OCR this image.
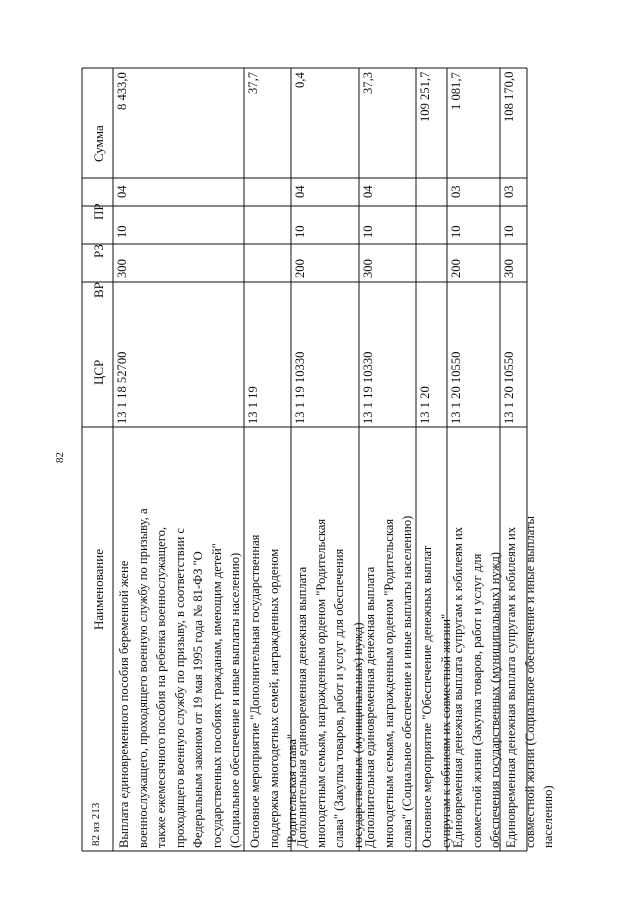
82
82 из 213
Наименование
ЦСР
ВР
РЗ
ПР
Сумма
Выплата единовременного пособия беременной жене военнослужащего, проходящего военную службу по призыву, а также ежемесячного пособия на ребенка военнослужащего, проходящего военную службу по призыву, в соответствии с Федеральным законом от 19 мая 1995 года № 81-ФЗ "О государственных пособиях гражданам, имеющим детей" (Социальное обеспечение и иные выплаты населению)
13 1 18 52700
300
10
04
8 433,0
Основное мероприятие "Дополнительная государственная поддержка многодетных семей, награжденных орденом "Родительская слава"
13 1 19
37,7
Дополнительная единовременная денежная выплата многодетным семьям, награжденным орденом "Родительская слава" (Закупка товаров, работ и услуг для обеспечения государственных (муниципальных) нужд)
13 1 19 10330
200
10
04
0,4
Дополнительная единовременная денежная выплата многодетным семьям, награжденным орденом "Родительская слава" (Социальное обеспечение и иные выплаты населению)
13 1 19 10330
300
10
04
37,3
Основное мероприятие "Обеспечение денежных выплат супругам к юбилеям их совместной жизни"
13 1 20
109 251,7
Единовременная денежная выплата супругам к юбилеям их совместной жизни (Закупка товаров, работ и услуг для обеспечения государственных (муниципальных) нужд)
13 1 20 10550
200
10
03
1 081,7
Единовременная денежная выплата супругам к юбилеям их совместной жизни (Социальное обеспечение и иные выплаты населению)
13 1 20 10550
300
10
03
108 170,0
